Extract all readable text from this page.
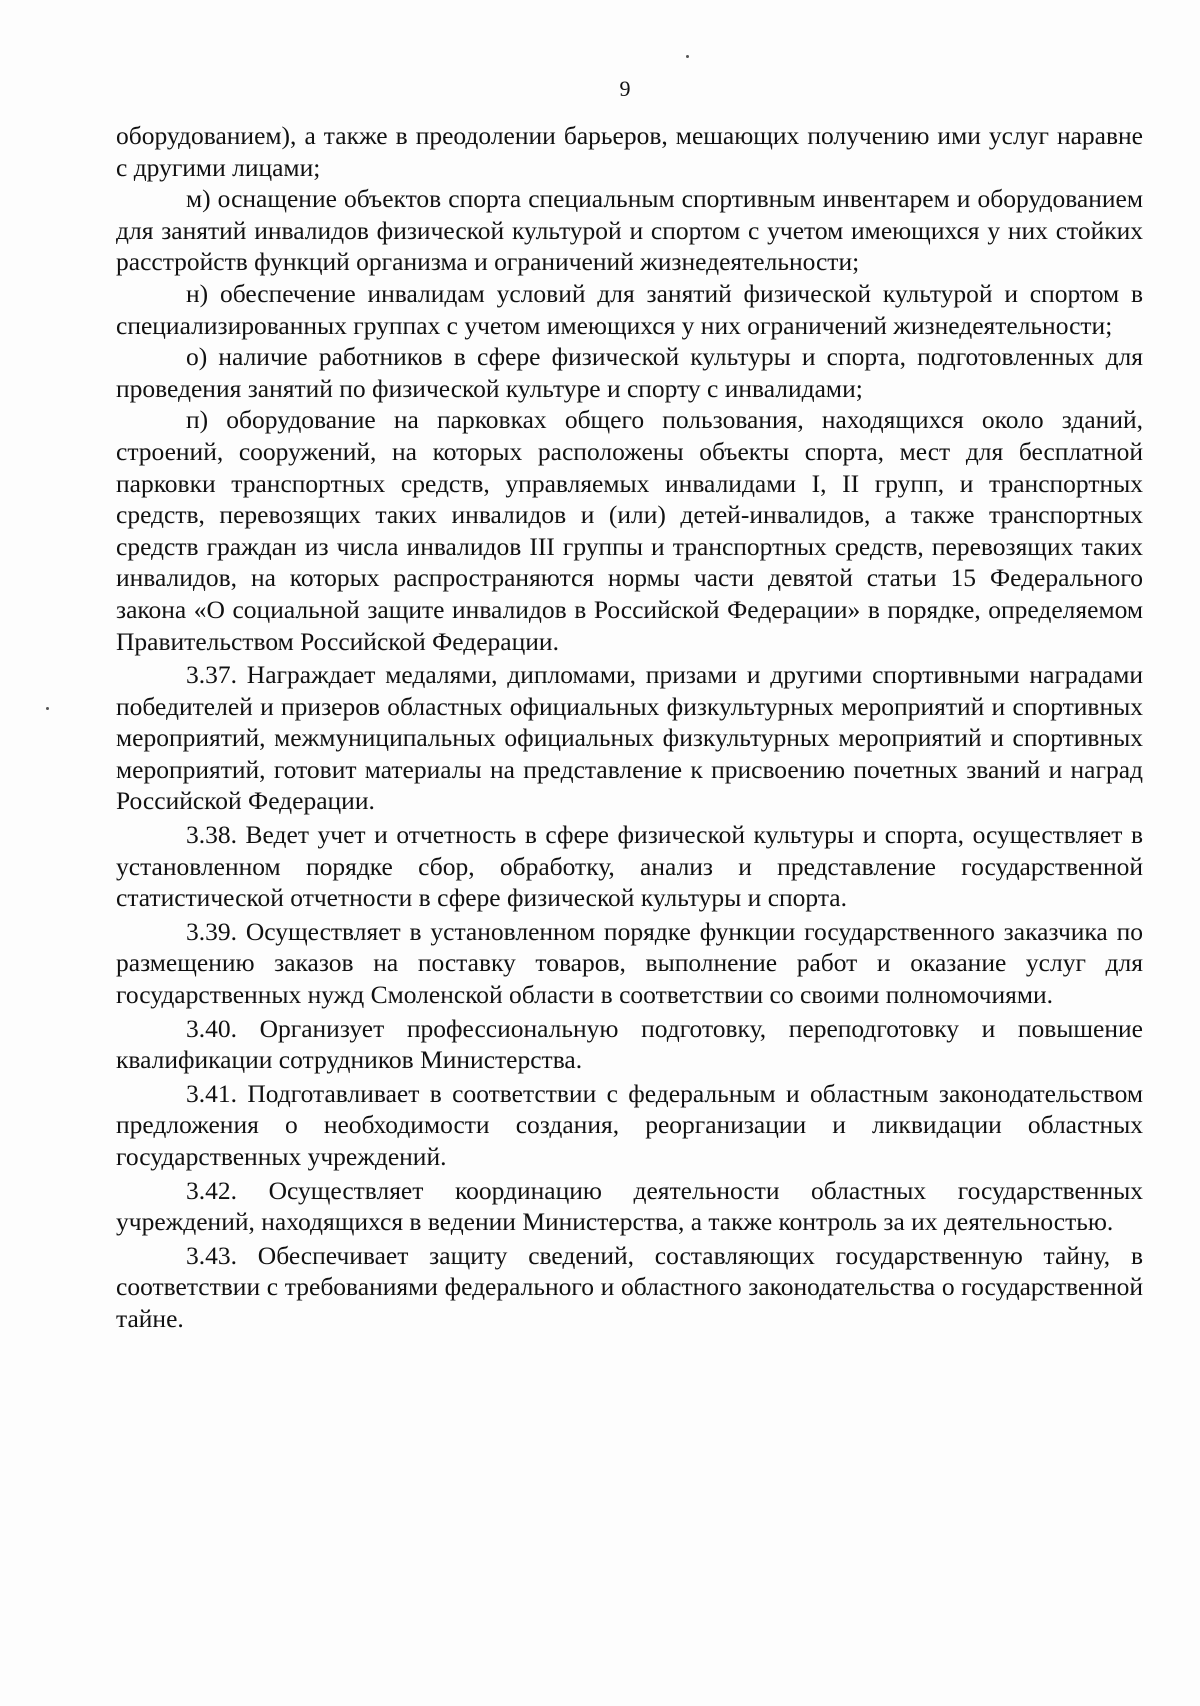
9

оборудованием), а также в преодолении барьеров, мешающих получению ими услуг наравне с другими лицами;

м) оснащение объектов спорта специальным спортивным инвентарем и оборудованием для занятий инвалидов физической культурой и спортом с учетом имеющихся у них стойких расстройств функций организма и ограничений жизнедеятельности;

н) обеспечение инвалидам условий для занятий физической культурой и спортом в специализированных группах с учетом имеющихся у них ограничений жизнедеятельности;

о) наличие работников в сфере физической культуры и спорта, подготовленных для проведения занятий по физической культуре и спорту с инвалидами;

п) оборудование на парковках общего пользования, находящихся около зданий, строений, сооружений, на которых расположены объекты спорта, мест для бесплатной парковки транспортных средств, управляемых инвалидами I, II групп, и транспортных средств, перевозящих таких инвалидов и (или) детей-инвалидов, а также транспортных средств граждан из числа инвалидов III группы и транспортных средств, перевозящих таких инвалидов, на которых распространяются нормы части девятой статьи 15 Федерального закона «О социальной защите инвалидов в Российской Федерации» в порядке, определяемом Правительством Российской Федерации.

3.37. Награждает медалями, дипломами, призами и другими спортивными наградами победителей и призеров областных официальных физкультурных мероприятий и спортивных мероприятий, межмуниципальных официальных физкультурных мероприятий и спортивных мероприятий, готовит материалы на представление к присвоению почетных званий и наград Российской Федерации.

3.38. Ведет учет и отчетность в сфере физической культуры и спорта, осуществляет в установленном порядке сбор, обработку, анализ и представление государственной статистической отчетности в сфере физической культуры и спорта.

3.39. Осуществляет в установленном порядке функции государственного заказчика по размещению заказов на поставку товаров, выполнение работ и оказание услуг для государственных нужд Смоленской области в соответствии со своими полномочиями.

3.40. Организует профессиональную подготовку, переподготовку и повышение квалификации сотрудников Министерства.

3.41. Подготавливает в соответствии с федеральным и областным законодательством предложения о необходимости создания, реорганизации и ликвидации областных государственных учреждений.

3.42. Осуществляет координацию деятельности областных государственных учреждений, находящихся в ведении Министерства, а также контроль за их деятельностью.

3.43. Обеспечивает защиту сведений, составляющих государственную тайну, в соответствии с требованиями федерального и областного законодательства о государственной тайне.
